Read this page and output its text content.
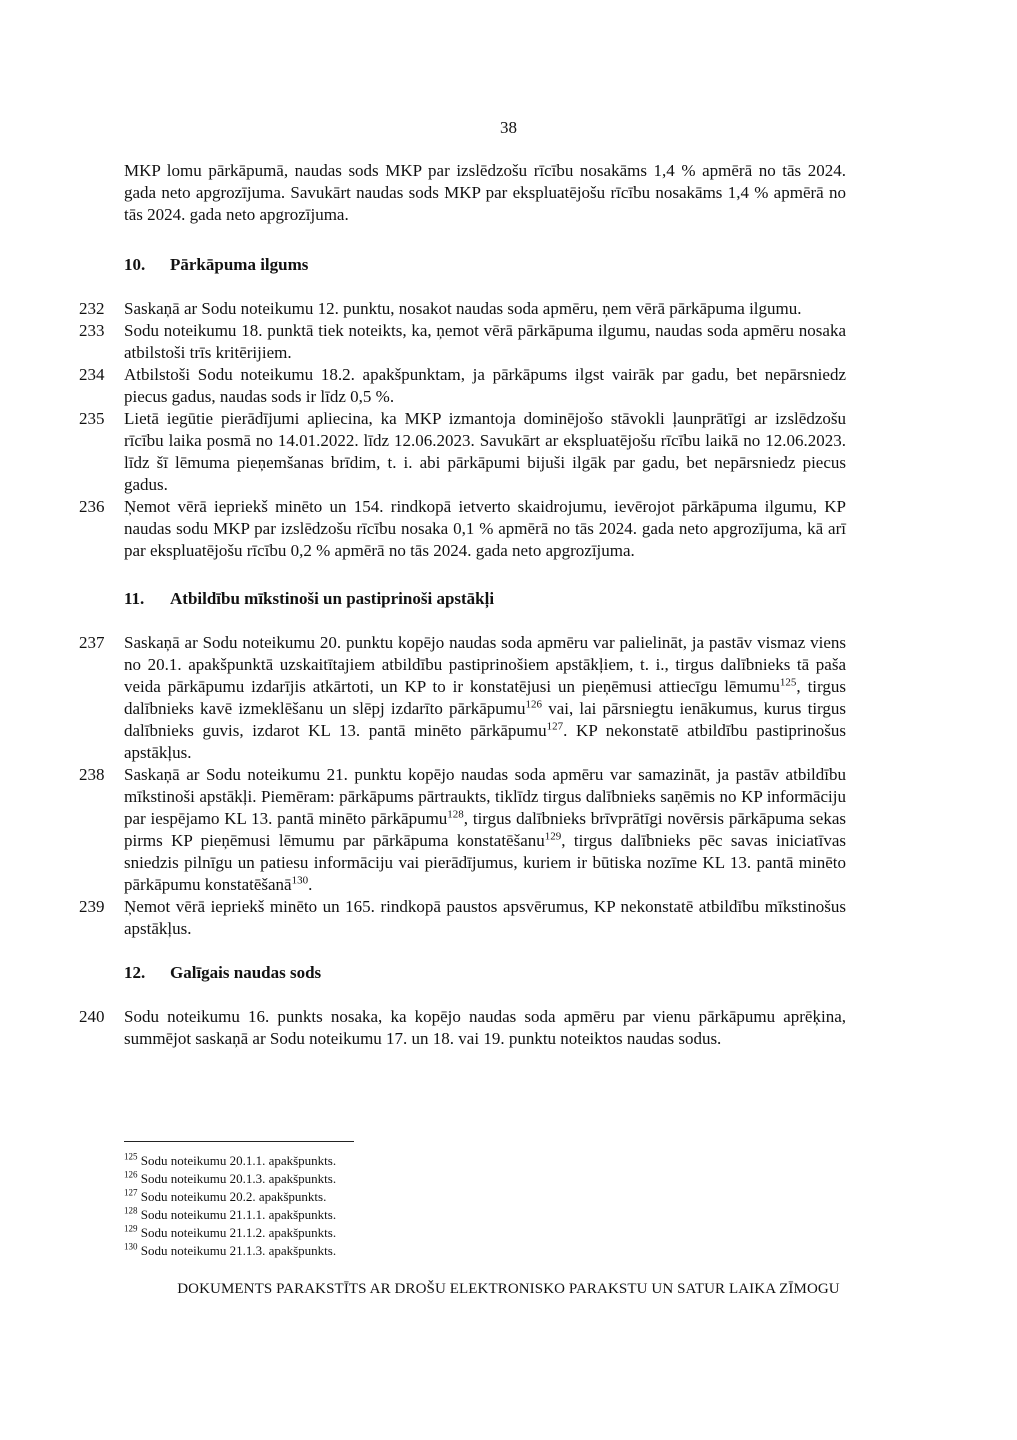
38

MKP lomu pārkāpumā, naudas sods MKP par izslēdzošu rīcību nosakāms 1,4 % apmērā no tās 2024. gada neto apgrozījuma. Savukārt naudas sods MKP par ekspluatējošu rīcību nosakāms 1,4 % apmērā no tās 2024. gada neto apgrozījuma.

10. Pārkāpuma ilgums

232	Saskaņā ar Sodu noteikumu 12. punktu, nosakot naudas soda apmēru, ņem vērā pārkāpuma ilgumu.

233	Sodu noteikumu 18. punktā tiek noteikts, ka, ņemot vērā pārkāpuma ilgumu, naudas soda apmēru nosaka atbilstoši trīs kritērijiem.

234	Atbilstoši Sodu noteikumu 18.2. apakšpunktam, ja pārkāpums ilgst vairāk par gadu, bet nepārsniedz piecus gadus, naudas sods ir līdz 0,5 %.

235	Lietā iegūtie pierādījumi apliecina, ka MKP izmantoja dominējošo stāvokli ļaunprātīgi ar izslēdzošu rīcību laika posmā no 14.01.2022. līdz 12.06.2023. Savukārt ar ekspluatējošu rīcību laikā no 12.06.2023. līdz šī lēmuma pieņemšanas brīdim, t. i. abi pārkāpumi bijuši ilgāk par gadu, bet nepārsniedz piecus gadus.

236	Ņemot vērā iepriekš minēto un 154. rindkopā ietverto skaidrojumu, ievērojot pārkāpuma ilgumu, KP naudas sodu MKP par izslēdzošu rīcību nosaka 0,1 % apmērā no tās 2024. gada neto apgrozījuma, kā arī par ekspluatējošu rīcību 0,2 % apmērā no tās 2024. gada neto apgrozījuma.

11. Atbildību mīkstinoši un pastiprinoši apstākļi

237	Saskaņā ar Sodu noteikumu 20. punktu kopējo naudas soda apmēru var palielināt, ja pastāv vismaz viens no 20.1. apakšpunktā uzskaitītajiem atbildību pastiprinošiem apstākļiem, t. i., tirgus dalībnieks tā paša veida pārkāpumu izdarījis atkārtoti, un KP to ir konstatējusi un pieņēmusi attiecīgu lēmumu$^{125}$, tirgus dalībnieks kavē izmeklēšanu un slēpj izdarīto pārkāpumu$^{126}$ vai, lai pārsniegtu ienākumus, kurus tirgus dalībnieks guvis, izdarot KL 13. pantā minēto pārkāpumu$^{127}$. KP nekonstatē atbildību pastiprinošus apstākļus.

238	Saskaņā ar Sodu noteikumu 21. punktu kopējo naudas soda apmēru var samazināt, ja pastāv atbildību mīkstinoši apstākļi. Piemēram: pārkāpums pārtraukts, tiklīdz tirgus dalībnieks saņēmis no KP informāciju par iespējamo KL 13. pantā minēto pārkāpumu$^{128}$, tirgus dalībnieks brīvprātīgi novērsis pārkāpuma sekas pirms KP pieņēmusi lēmumu par pārkāpuma konstatēšanu$^{129}$, tirgus dalībnieks pēc savas iniciatīvas sniedzis pilnīgu un patiesu informāciju vai pierādījumus, kuriem ir būtiska nozīme KL 13. pantā minēto pārkāpumu konstatēšanā$^{130}$.

239	Ņemot vērā iepriekš minēto un 165. rindkopā paustos apsvērumus, KP nekonstatē atbildību mīkstinošus apstākļus.

12. Galīgais naudas sods

240	Sodu noteikumu 16. punkts nosaka, ka kopējo naudas soda apmēru par vienu pārkāpumu aprēķina, summējot saskaņā ar Sodu noteikumu 17. un 18. vai 19. punktu noteiktos naudas sodus.

$^{125}$ Sodu noteikumu 20.1.1. apakšpunkts.
$^{126}$ Sodu noteikumu 20.1.3. apakšpunkts.
$^{127}$ Sodu noteikumu 20.2. apakšpunkts.
$^{128}$ Sodu noteikumu 21.1.1. apakšpunkts.
$^{129}$ Sodu noteikumu 21.1.2. apakšpunkts.
$^{130}$ Sodu noteikumu 21.1.3. apakšpunkts.
DOKUMENTS PARAKSTĪTS AR DROŠU ELEKTRONISKO PARAKSTU UN SATUR LAIKA ZĪMOGU
